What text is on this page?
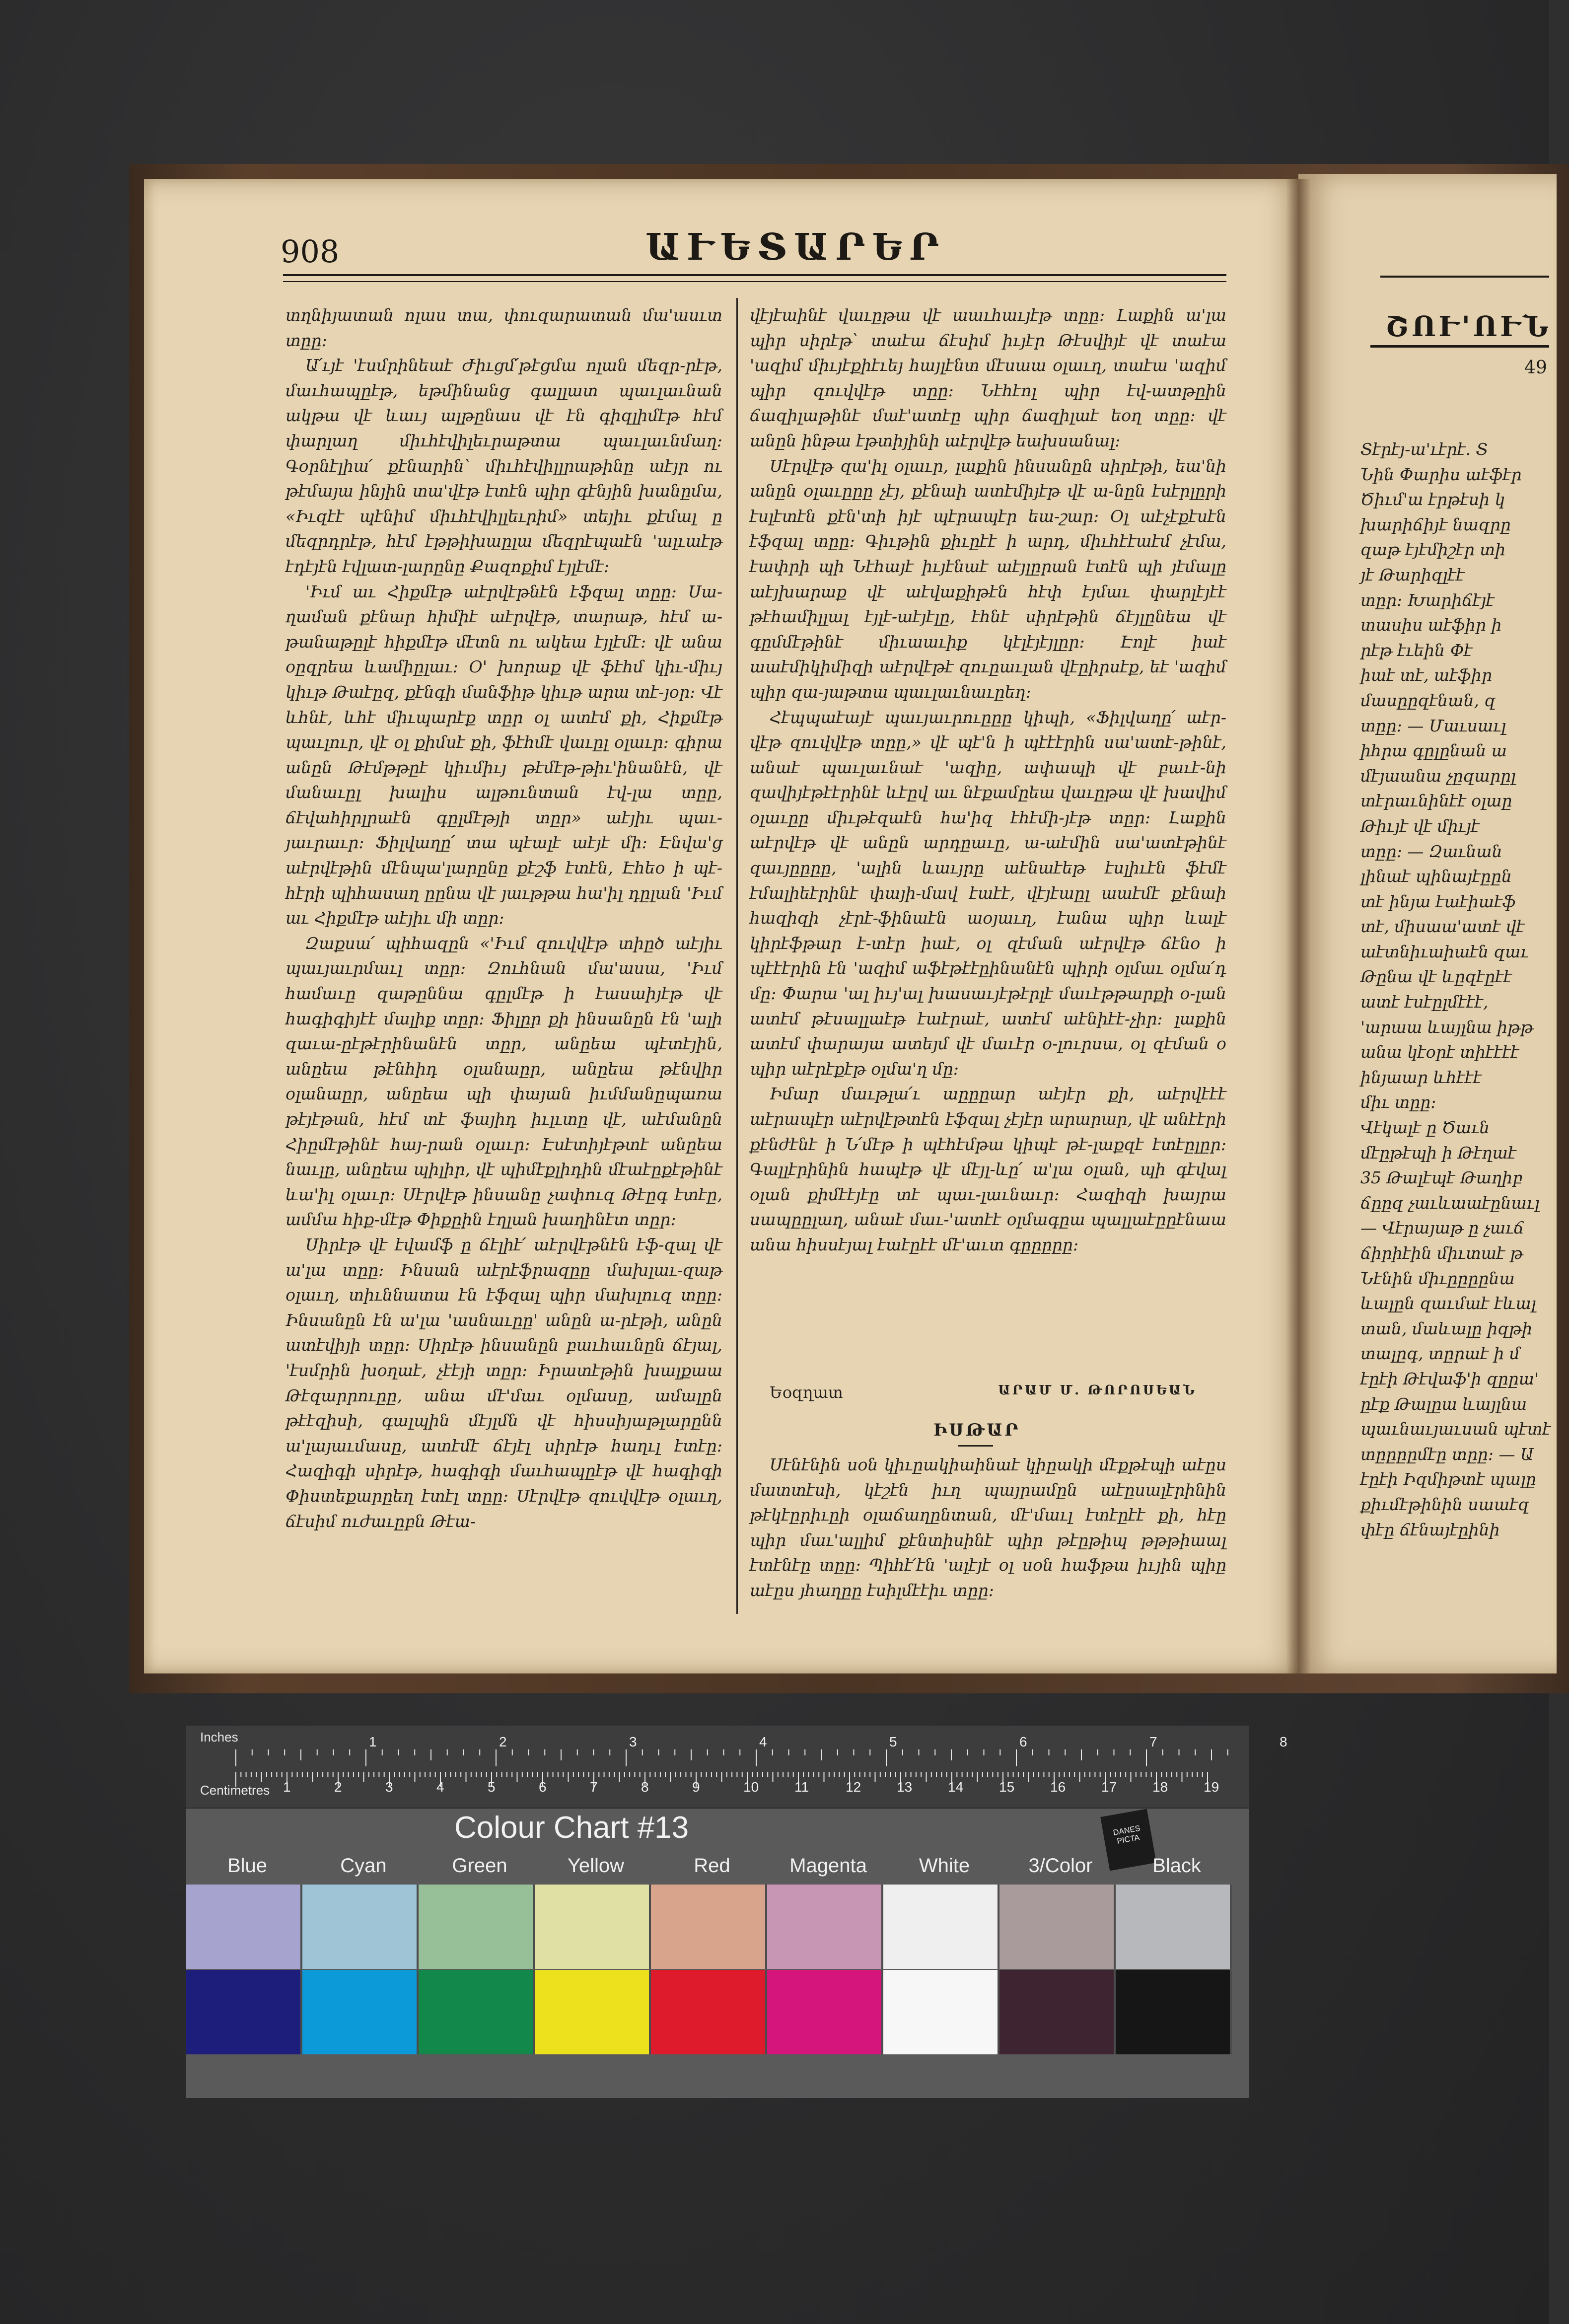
908	ԱՒԵՏԱՐԵՐ

տղնիյատան ոլաս տա, փուզարատան մա'ասւտ տըը։

Ա՛ւյէ 'էսմրինեաէ Ժիւցմ՛թէցմա ոլան մեզր-րէթ, մաւհապըէթ, եթմինանց գալլատ պաւլաւնան ակթա վէ ևաւյ ալթընաս վէ էն գիզլիմէթ հէմ փարլաղ միւհէվիլեւրաթտա պաւլաւնմաղ։ Գօրնէլիա՛ քէնարին՝ միւհէվիլլրաթինը աէյր ու թէմայա ինյին տա'վէթ էտէն պիր գէնյին խանըմա, «Իւզէէ պէնիմ միւհէվիլլեւրիմ» տեյիւ քէմալ ը մեզրդրէթ, հէմ էթթիխաըլա մեզրէպաէն 'ալւաէթ էդէյէն էվլատ-լարընը Քազոքիմ էյլէմէ։

'Իւմ աւ Հիքմէթ աէրվէթնէն էֆզալ տըը։ Սա-ղաման քէնար հիմիէ աէրվէթ, տարաթ, հէմ ա-թանաթըլէ հիքմէթ մէտն ու ակեա էյլէմէ։ վէ անա օըզրեա ևամիըլաւ։ Օ' խորաք վէ ֆէհմ կիւ-միւյ կիւթ Թաէըզ, քէնգի մանֆիթ կիւթ արա տէ-յօր։ Վէ ևհնէ, ևհէ միւպարէք տըր օլ ատէմ քի, Հիքմէթ պաւլուր, վէ օլ քիմսէ քի, ֆէհմէ վաւըլ օլաւր։ գիրա անըն Թէմթթըէ կիւմիւյ թէմէթ-թիւ'ինանէն, վէ մանաւըլ խալիս ալթունտան էվ-լա տըը, ճէվահիրլրաէն գըլմէթյի տըր» աէյիւ պաւ-յաւրաւր։ Ֆիլվաղը՛ տա պէալէ աէյէ մի։ Էնվա'ց աէրվէթին մէնպա'լարընը քէշֆ էտէն, Էհեօ ի պէ-հէրի պիհասաղ ըընա վէ յաւթթա հա'իլ դըլան 'Իւմ աւ Հիքմէթ աէյիւ մի տըր։

Զաքսա՛ պիհազըն «'Իւմ զուվվէթ տիըծ աէյիւ պաւյաւրմաւլ տըր։ Զուհնան մա'ասա, 'Իւմ համաւը զաթըննա գըլմէթ ի էասաիյէթ վէ հագիգիյէէ մալիք տըր։ Ֆիլըր քի ինսանըն էն 'ալի զաւա-ըէթէրինանէն տըր, անըեա պէտէյին, անըեա թէնհիդ օլանաըր, անըեա թէնվիր օլանաըր, անըեա պի փայան իւմմանըպառա թէյէթան, հէմ տէ ֆայիդ իւլւտը վէ, աէմանըն Հիըմէթինէ հայ-րան օլաւր։ Էսէտիյէթտէ անըեա նաւլը, անըեա պիլիր, վէ պիմէքլիդին մէաէըքէթինէ ևա'իլ օլաւր։ Սէրվէթ ինսանը չափուզ Թէըգ էտէը, ամմա հիք-մէթ Փիքըին էղլան խաղինէտ տըր։

Սիրէթ վէ էվամֆ ը ճէլիէ՛ աէրվէթնէն էֆ-զալ վէ ա'լա տըը։ Ինսան աէրէֆրազըը մախլաւ-զաթ օլաւղ, տիւննատա էն էֆզալ պիր մախլուզ տըը։ Ինսանըն էն ա'լա 'ասնաւըը' անըն ա-րէթի, անըն ատէվիյի տըր։ Սիրէթ ինսանըն բաւհաւնըն ճէյալ, 'էսմրին խօղաէ, չէէյի տըր։ Իրատէթին խալքաա Թէզարրուըը, անա մէ'մաւ օլմասը, ամալըն թէէզիսի, գալպին մէյլմն վէ հիսսիյաթլարընն ա'լայաւմասը, ատէմէ ճէյէլ սիրէթ հաղւլ էտէը։ Հազիգի սիրէթ, հագիգի մաւհապըէթ վէ հագիգի Փիստեքարըեղ էտէլ տըը։ Սէրվէթ զուվվէթ օլաւղ, ճէսիմ ուժաւըբն Թէա-

վէյէաինէ վաւըթա վէ աաւհաւյէթ տըը։ Լաքին ա'լա պիր սիրէթ՝ տաէա ճէսիմ իւյէր Թէսվիյէ վէ տաէա 'ազիմ միւյէքիէւեյ հայլէնտ մէսաա օլաւղ, տաէա 'ազիմ պիր զուվվէթ տըը։ Նէհէոլ պիր էվ-ատթըին ճազիլաթինէ մաէ'ատէը պիր ճազիլաէ եօղ տըը։ վէ անըն ինթա էթտիյինի աէրվէթ եախսանալ։

Սէրվէթ զա'իլ օլաւր, լաքին ինսանըն սիրէթի, եա'նի անըն օլաւըըը չէյ, քէնաի ատէմիյէթ վէ ա-նըն էսէրլըրի էսլէտէն քէն'տի իյէ պէրապէր եա-շար։ Օլ աէչէքէսէն էֆզալ տըը։ Գիւթին քիւըէէ ի արդ, միւհէէաէմ չէմա, էափրի պի Նէհայէ իւյէնաէ աէյլըրան էտէն պի յէմալը աէյխարաք վէ աէվաքիթէն հէփ էյմաւ փարլէյէէ թէհամիլլալ էյլէ-աէյէլը, էհնէ սիրէթին ճէյլընեա վէ գըմմէթինէ միւաաւիք կէլէյէյլըր։ Էոլէ իաէ աաէմիկիմիզի աէրվէթէ զուըաւլան վէըիրսէք, եէ 'ազիմ պիր զա-յաթտա պաւլաւնաւըեղ։

Հէպպաէայէ պաւյաւրուըըը կիպի, «Ֆիլվաղը՛ աէր-վէթ զուվվէթ տըը,» վէ պէ'ն ի պէէէրին սա'ատէ-թինէ, անաէ պաւլաւնաէ 'ազիը, ափապի վէ բաւէ-նի զավիյէթէէրինէ ևէըվ աւ նէքամըեա վաւըթա վէ խավիմ օլաւըը միւթէզաէն հա'իզ էհէմի-յէթ տըր։ Լաքին աէրվէթ վէ անըն արդըաւը, ա-աէմին սա'ատէթինէ զաւյըըըը, 'ալին ևաւյրը աէնաէեթ էսլիւէն ֆէմէ էմալիեէրինէ փայի-մավ էաէէ, վէյէաըլ աաէմէ քէնաի հազիզի չէրէ-ֆինաէն աօյաւղ, էանա պիր ևալէ կիրէֆթար է-տէր իաէ, օլ զէման աէրվէթ ճէնօ ի պէէէրին էն 'ազիմ աֆէթէէըինանէն պիրի օլմաւ օլմա՛դ մը։ Փարա 'ալ իւյ'ալ խասաւյէթէրլէ մաւէթթարքի օ-լան ատէմ թէսալլաէթ էաէրաէ, ատէմ աէնիէէ-չիր։ լաքին ատէմ փարայա ատեյմ վէ մաւէր օ-լուրսա, օլ զէման օ պիր աէրէքէթ օլմա'ղ մը։

Իմար մաւթլա՛ւ աըըըար աէյէր քի, աէրվէէէ աէրապէր աէրվէթտէն էֆզալ չէյէր արարար, վէ անէէրի քէնժէնէ ի Ն՛մէթ ի պէհէմթա կիպէ թէ-լաքզէ էտէըլըր։ Գալլէրինին հապէթ վէ մէյլ-ևը՛ ա'լա օլան, պի գէվալ օլան քիմէէյէը տէ պաւ-լաւնաւր։ Հազիզի խայրա սապըըլաղ, անաէ մաւ-'ատէէ օլմագըա պալլաէըըէնաա անա հիսսէյալ էաէըէէ մէ'աւտ գըըըըը։

Եօզղատ	ԱՐԱՄ Մ. ԹՈՐՈՍԵԱՆ
ԻՍԹԱՐ

Սէնէնին սօն կիւըակիաինաէ կիըակի մէքթէպի աէըս մատտէսի, կէշէն իւղ պայրամըն աէըսալէրինին թէկէըրիւըի օլաճաղընտան, մէ'մաւլ էտէըէէ քի, հէը պիր մաւ'ալլիմ քէնտիսինէ պիր թէըթիպ թթթիաալ էտէնէը տըը։ Պիհէ՛էն 'ալէյէ օլ սօն հաֆթա իւյին պիը աէըս յհաղըը էսիլմէէիւ տըը։

ՇՈՒ'ՈՒՆ
49
Տէրէյ-ա'ւէրէ. Տ
Նին Փարիս աէֆէր
Ծիւմ'ա էրթէսի կ
խարիճիյէ նազրը
զաթ էյէմիշէր տի
յէ Թարիզլէէ
տըր։ Խարիճէյէ
տասիս աէֆիր ի
րէթ էւեին Փէ
իաէ տէ, աէֆիր
մասըըզէնան, զ
տըը։ — Մաւսաւլ
իհրա գըլընան ա
մէյաանա չըզարըլ
տէրաւնինէէ օլաը
Թիւյէ վէ միւյէ
տըը։ — Զաւնան
լինաէ պինայէըըն
տէ ինյա էաէիաէֆ
տէ, միսաա'ատէ վէ
աէտնիւաիաէն զաւ
Թընա վէ ևըզէըէէ
ատէ էսէըլմէէէ,
'արաա ևայլնա իթթ
անա կէօրէ տիէէէէ
ինյաար ևհէէէ
միւ տըը։
Վէկալէ ը Ծաւն
մէըթէպի ի Թէղաէ
35 Թալէպէ Թաղիբ
ճըըզ չաւևաաէընաւլ
— Վէրայաթ ը չաւճ
ճիրիէին միւտաէ թ
Նէնին միւըըըընա
ևալըն զաւմաէ էևալ
տան, մաևալը իզթի
տալըգ, տըրաէ ի մ
էըէի Թէվաֆ'ի զըըա'
ըէք Թալըա ևայլնա
պաւնաւյաւսան պէտէ
տըըըըմէը տըը։ — Ա
էըէի Իզմիթտէ պալը
քիւմէթինին սաաէզ
փէը ճէնայէըինի
Inches
Centimetres 1	2	3	4	5	6	7	8	9	10	11	12	13	14	15	16	17	18	19
1	2	3	4	5	6	7	8
Colour Chart #13	DANES PICTA
Blue	Cyan	Green	Yellow	Red	Magenta	White	3/Color	Black
